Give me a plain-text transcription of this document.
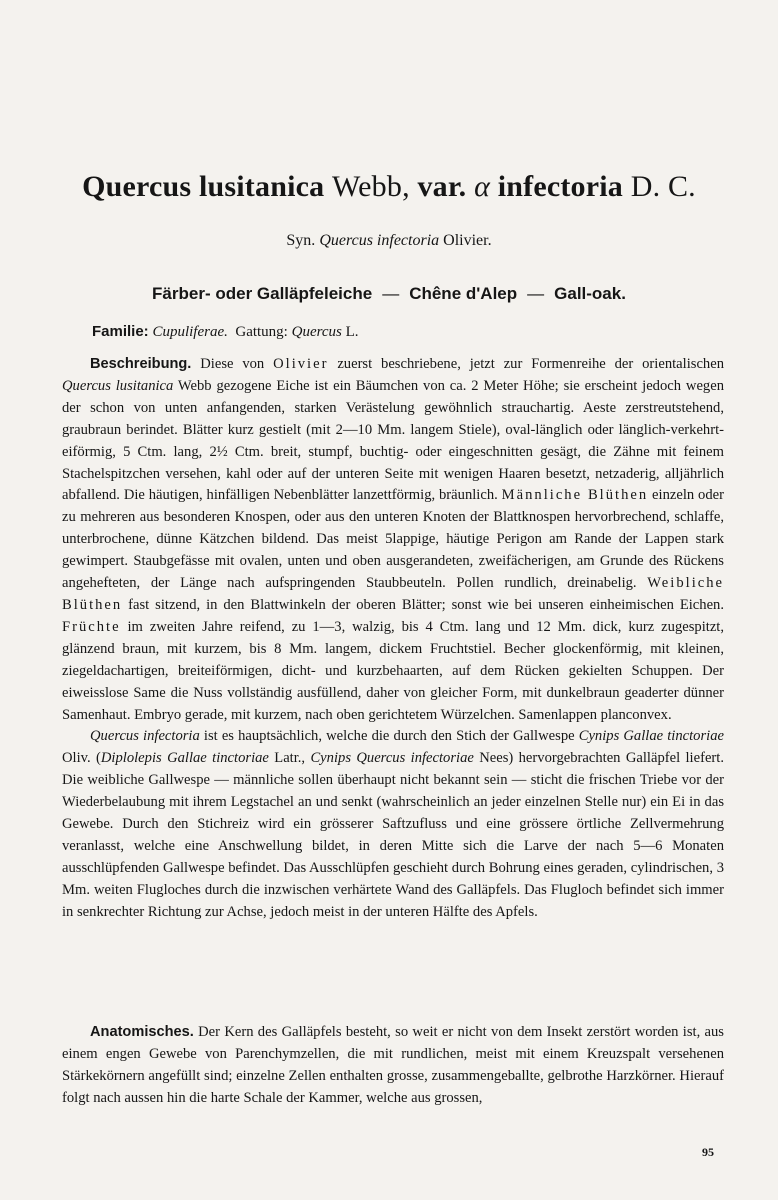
Quercus lusitanica Webb, var. α infectoria D. C.
Syn. Quercus infectoria Olivier.
Färber- oder Galläpfeleiche — Chêne d'Alep — Gall-oak.
Familie: Cupuliferae. Gattung: Quercus L.

Beschreibung. Diese von Olivier zuerst beschriebene, jetzt zur Formenreihe der orientalischen Quercus lusitanica Webb gezogene Eiche ist ein Bäumchen von ca. 2 Meter Höhe; sie erscheint jedoch wegen der schon von unten anfangenden, starken Verästelung gewöhnlich strauchartig. Aeste zerstreutstehend, graubraun berindet. Blätter kurz gestielt (mit 2—10 Mm. langem Stiele), oval-länglich oder länglich-verkehrt-eiförmig, 5 Ctm. lang, 2½ Ctm. breit, stumpf, buchtig- oder eingeschnitten gesägt, die Zähne mit feinem Stachelspitzchen versehen, kahl oder auf der unteren Seite mit wenigen Haaren besetzt, netzaderig, alljährlich abfallend. Die häutigen, hinfälligen Nebenblätter lanzettförmig, bräunlich. Männliche Blüthen einzeln oder zu mehreren aus besonderen Knospen, oder aus den unteren Knoten der Blattknospen hervorbrechend, schlaffe, unterbrochene, dünne Kätzchen bildend. Das meist 5lappige, häutige Perigon am Rande der Lappen stark gewimpert. Staubgefässe mit ovalen, unten und oben ausgerandeten, zweifächerigen, am Grunde des Rückens angehefteten, der Länge nach aufspringenden Staubbeuteln. Pollen rundlich, dreinabelig. Weibliche Blüthen fast sitzend, in den Blattwinkeln der oberen Blätter; sonst wie bei unseren einheimischen Eichen. Früchte im zweiten Jahre reifend, zu 1—3, walzig, bis 4 Ctm. lang und 12 Mm. dick, kurz zugespitzt, glänzend braun, mit kurzem, bis 8 Mm. langem, dickem Fruchtstiel. Becher glockenförmig, mit kleinen, ziegeldachartigen, breiteiförmigen, dicht- und kurzbehaarten, auf dem Rücken gekielten Schuppen. Der eiweisslose Same die Nuss vollständig ausfüllend, daher von gleicher Form, mit dunkelbraun geaderter dünner Samenhaut. Embryo gerade, mit kurzem, nach oben gerichtetem Würzelchen. Samenlappen planconvex.

Quercus infectoria ist es hauptsächlich, welche die durch den Stich der Gallwespe Cynips Gallae tinctoriae Oliv. (Diplolepis Gallae tinctoriae Latr., Cynips Quercus infectoriae Nees) hervorgebrachten Galläpfel liefert. Die weibliche Gallwespe — männliche sollen überhaupt nicht bekannt sein — sticht die frischen Triebe vor der Wiederbelaubung mit ihrem Legstachel an und senkt (wahrscheinlich an jeder einzelnen Stelle nur) ein Ei in das Gewebe. Durch den Stichreiz wird ein grösserer Saftzufluss und eine grössere örtliche Zellvermehrung veranlasst, welche eine Anschwellung bildet, in deren Mitte sich die Larve der nach 5—6 Monaten ausschlüpfenden Gallwespe befindet. Das Ausschlüpfen geschieht durch Bohrung eines geraden, cylindrischen, 3 Mm. weiten Flugloches durch die inzwischen verhärtete Wand des Galläpfels. Das Flugloch befindet sich immer in senkrechter Richtung zur Achse, jedoch meist in der unteren Hälfte des Apfels.

Anatomisches. Der Kern des Galläpfels besteht, so weit er nicht von dem Insekt zerstört worden ist, aus einem engen Gewebe von Parenchymzellen, die mit rundlichen, meist mit einem Kreuzspalt versehenen Stärkekörnern angefüllt sind; einzelne Zellen enthalten grosse, zusammengeballte, gelbrothe Harzkörner. Hierauf folgt nach aussen hin die harte Schale der Kammer, welche aus grossen,

95
